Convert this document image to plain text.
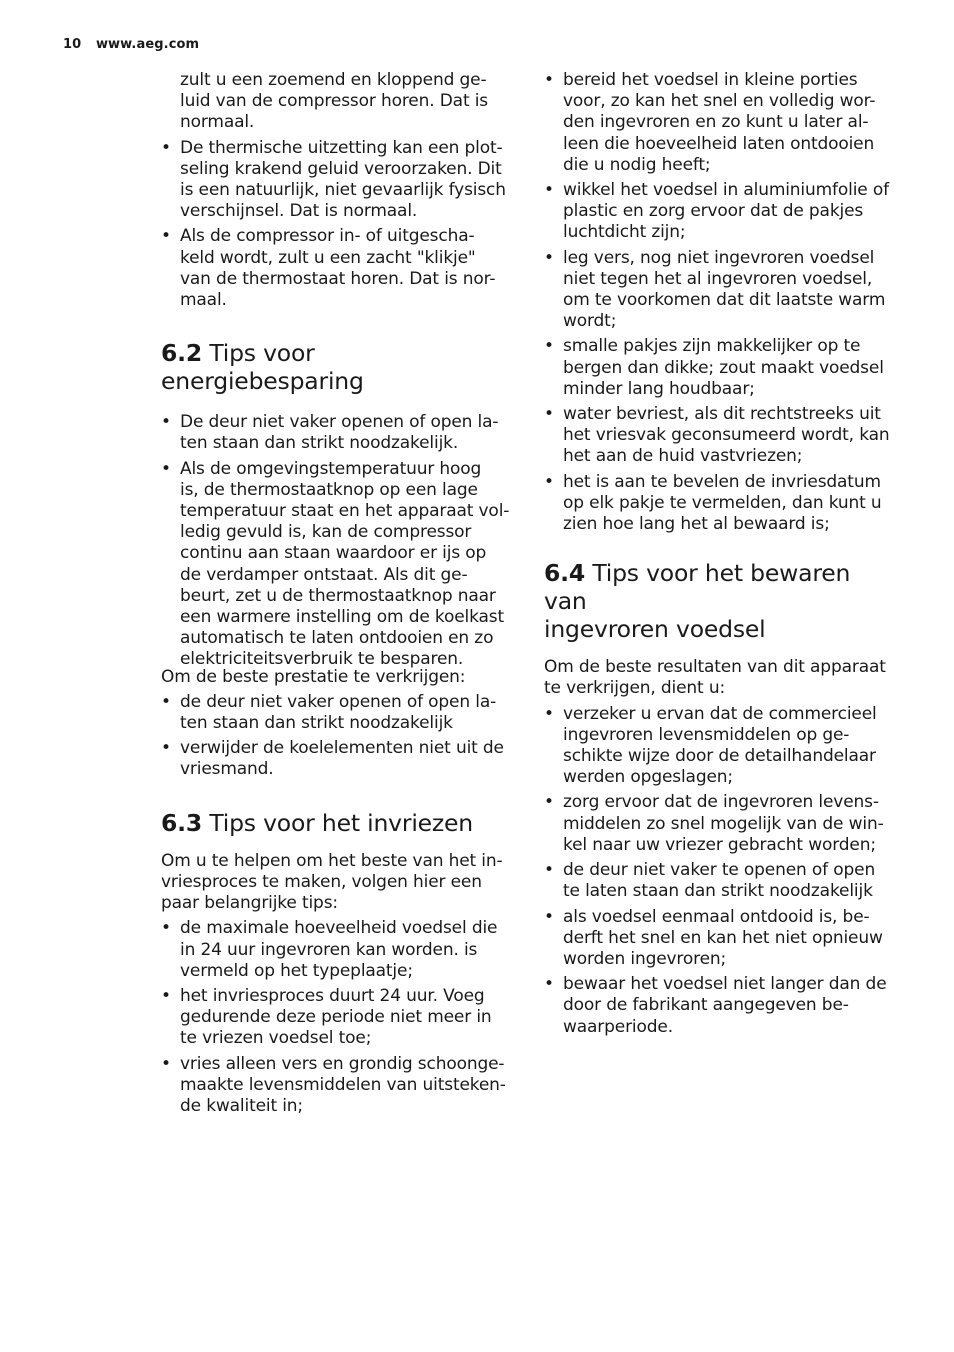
10 www.aeg.com
zult u een zoemend en kloppend ge-
luid van de compressor horen. Dat is
normaal.
• De thermische uitzetting kan een plot-
seling krakend geluid veroorzaken. Dit
is een natuurlijk, niet gevaarlijk fysisch
verschijnsel. Dat is normaal.
• Als de compressor in- of uitgescha-
keld wordt, zult u een zacht "klikje"
van de thermostaat horen. Dat is nor-
maal.
6.2 Tips voor
energiebesparing
• De deur niet vaker openen of open la-
ten staan dan strikt noodzakelijk.
• Als de omgevingstemperatuur hoog
is, de thermostaatknop op een lage
temperatuur staat en het apparaat vol-
ledig gevuld is, kan de compressor
continu aan staan waardoor er ijs op
de verdamper ontstaat. Als dit ge-
beurt, zet u de thermostaatknop naar
een warmere instelling om de koelkast
automatisch te laten ontdooien en zo
elektriciteitsverbruik te besparen.
Om de beste prestatie te verkrijgen:
• de deur niet vaker openen of open la-
ten staan dan strikt noodzakelijk
• verwijder de koelelementen niet uit de
vriesmand.
6.3 Tips voor het invriezen
Om u te helpen om het beste van het in-
vriesproces te maken, volgen hier een
paar belangrijke tips:
• de maximale hoeveelheid voedsel die
in 24 uur ingevroren kan worden. is
vermeld op het typeplaatje;
• het invriesproces duurt 24 uur. Voeg
gedurende deze periode niet meer in
te vriezen voedsel toe;
• vries alleen vers en grondig schoonge-
maakte levensmiddelen van uitsteken-
de kwaliteit in;
• bereid het voedsel in kleine porties
voor, zo kan het snel en volledig wor-
den ingevroren en zo kunt u later al-
leen die hoeveelheid laten ontdooien
die u nodig heeft;
• wikkel het voedsel in aluminiumfolie of
plastic en zorg ervoor dat de pakjes
luchtdicht zijn;
• leg vers, nog niet ingevroren voedsel
niet tegen het al ingevroren voedsel,
om te voorkomen dat dit laatste warm
wordt;
• smalle pakjes zijn makkelijker op te
bergen dan dikke; zout maakt voedsel
minder lang houdbaar;
• water bevriest, als dit rechtstreeks uit
het vriesvak geconsumeerd wordt, kan
het aan de huid vastvriezen;
• het is aan te bevelen de invriesdatum
op elk pakje te vermelden, dan kunt u
zien hoe lang het al bewaard is;
6.4 Tips voor het bewaren van
ingevroren voedsel
Om de beste resultaten van dit apparaat
te verkrijgen, dient u:
• verzeker u ervan dat de commercieel
ingevroren levensmiddelen op ge-
schikte wijze door de detailhandelaar
werden opgeslagen;
• zorg ervoor dat de ingevroren levens-
middelen zo snel mogelijk van de win-
kel naar uw vriezer gebracht worden;
• de deur niet vaker te openen of open
te laten staan dan strikt noodzakelijk
• als voedsel eenmaal ontdooid is, be-
derft het snel en kan het niet opnieuw
worden ingevroren;
• bewaar het voedsel niet langer dan de
door de fabrikant aangegeven be-
waarperiode.
